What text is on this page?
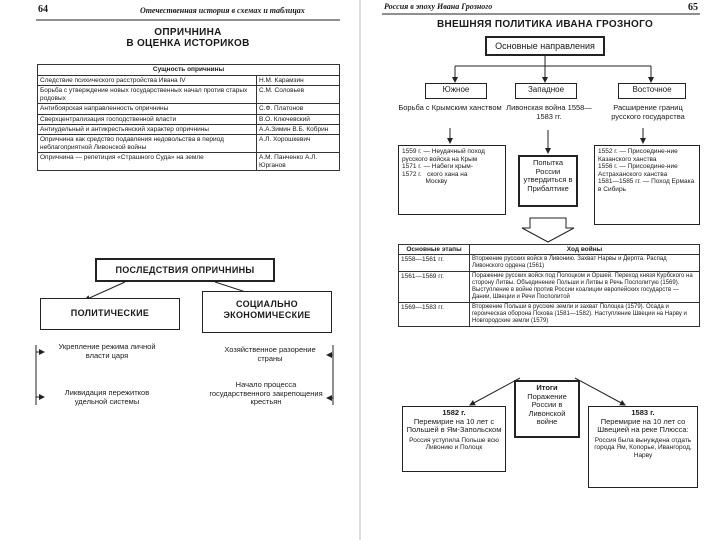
64	Отечественная история в схемах и таблицах
ОПРИЧНИНА
В ОЦЕНКА ИСТОРИКОВ
Сущность опричнины	
Следствие психического расстройства Ивана IV	Н.М. Карамзин
Борьба с утверждение новых государственных начал против старых родовых	С.М. Соловьев
Антибоярская направленность опричнины	С.Ф. Платонов
Сверхцентрализация господственной власти	В.О. Ключевский
Антиудельный и антикрестьянский характер опричнины	А.А.Зимин В.Б. Кобрин
Опричнина как средство подавления недовольства в период неблагоприятной Ливонской войны	А.Л. Хорошкевич
Опричнина — репетиция «Страшного Суда» на земле	А.М. Панченко А.Л. Юрганов
ПОСЛЕДСТВИЯ ОПРИЧНИНЫ
ПОЛИТИЧЕСКИЕ
СОЦИАЛЬНО
ЭКОНОМИЧЕСКИЕ
Укрепление режима личной власти царя
Ликвидация пережитков удельной системы
Хозяйственное разорение страны
Начало процесса государственного закрепощения крестьян
Россия в эпоху Ивана Грозного	65
ВНЕШНЯЯ ПОЛИТИКА ИВАНА ГРОЗНОГО
Основные направления
Южное	Западное	Восточное
Борьба с Крымским ханством Ливонская война 1558—1583 гг.
Расширение границ русского государства
1559 г. — Неудачный поход русского войска на Крым
1571 г. — Набеги крым-
1572 г.   ского хана на
Москву
Попытка России утвердиться в Прибалтике
1552 г. — Присоедине-ние Казанского ханства
1556 г. — Присоедине-ние Астраханского ханства
1581—1585 гг. — Поход Ермака в Сибирь
Основные этапы	Ход войны
1558—1561 гг.	Вторжение русских войск в Ливонию. Захват Нарвы и Дерпта. Распад Ливонского ордена (1561)
1561—1569 гг.	Поражение русских войск под Полоцком и Оршей. Переход князя Курбского на сторону Литвы. Объединение Польши и Литвы в Речь Посполитую (1569). Выступление в войне против России коалиции европейских государств — Дании, Швеции и Речи Посполитой
1569—1583 гг.	Вторжение Польши в русские земли и захват Полоцка (1579). Осада и героическая оборона Пскова (1581—1582). Наступление Швеции на Нарву и Новгородские земли (1579)
Итоги
Поражение России в Ливонской войне
1582 г.
Перемирие на 10 лет с Польшей в Ям-Запольском
Россия уступила Польше всю Ливонию и Полоцк
1583 г.
Перемирие на 10 лет со Швецией на реке Плюсса:
Россия была вынуждена отдать города Ям, Копорье, Ивангород, Нарву
